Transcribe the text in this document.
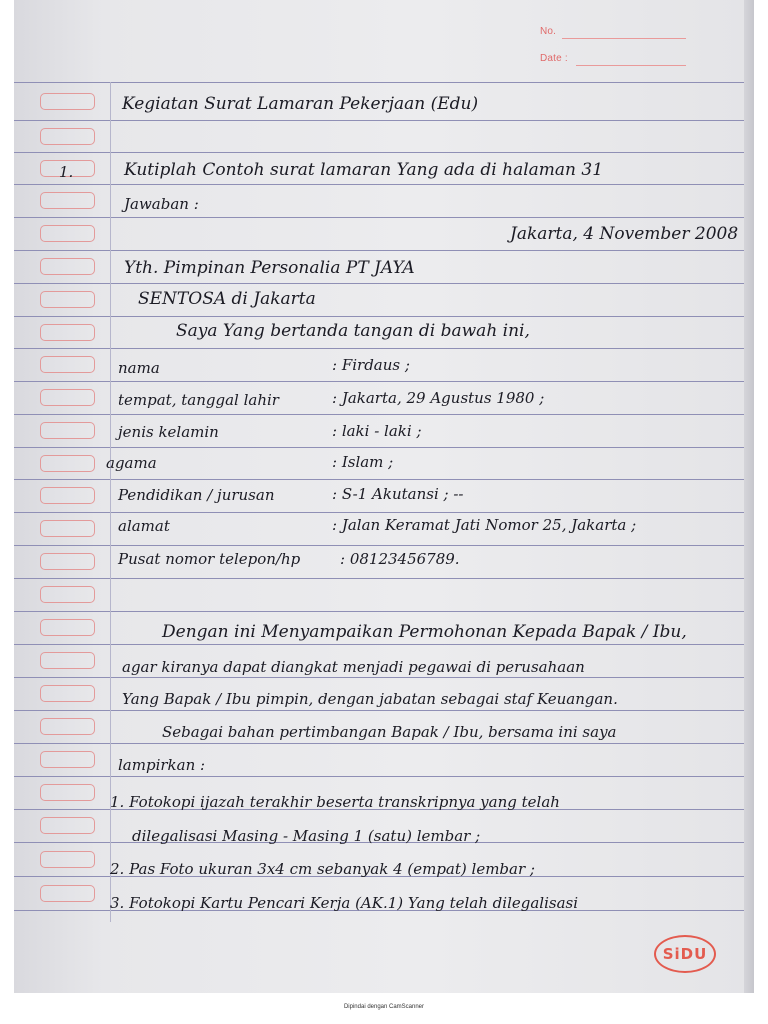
No.
Date :
Kegiatan Surat Lamaran Pekerjaan (Edu)
1.	Kutiplah Contoh surat lamaran Yang ada di halaman 31
Jawaban :
Jakarta, 4 November 2008
Yth. Pimpinan Personalia PT JAYA
SENTOSA di Jakarta
Saya Yang bertanda tangan di bawah ini,
nama	: Firdaus ;
tempat, tanggal lahir	: Jakarta, 29 Agustus 1980 ;
jenis kelamin	: laki - laki ;
agama	: Islam ;
Pendidikan / jurusan	: S-1 Akutansi ; --
alamat	: Jalan Keramat Jati Nomor 25, Jakarta ;
Pusat nomor telepon/hp	: 08123456789.
Dengan ini Menyampaikan Permohonan Kepada Bapak / Ibu,
agar kiranya dapat diangkat menjadi pegawai di perusahaan
Yang Bapak / Ibu pimpin, dengan jabatan sebagai staf Keuangan.
Sebagai bahan pertimbangan Bapak / Ibu, bersama ini saya
lampirkan :
1. Fotokopi ijazah terakhir beserta transkripnya yang telah
dilegalisasi Masing - Masing 1 (satu) lembar ;
2. Pas Foto ukuran 3x4 cm sebanyak 4 (empat) lembar ;
3. Fotokopi Kartu Pencari Kerja (AK.1) Yang telah dilegalisasi
SiDU
Dipindai dengan CamScanner
